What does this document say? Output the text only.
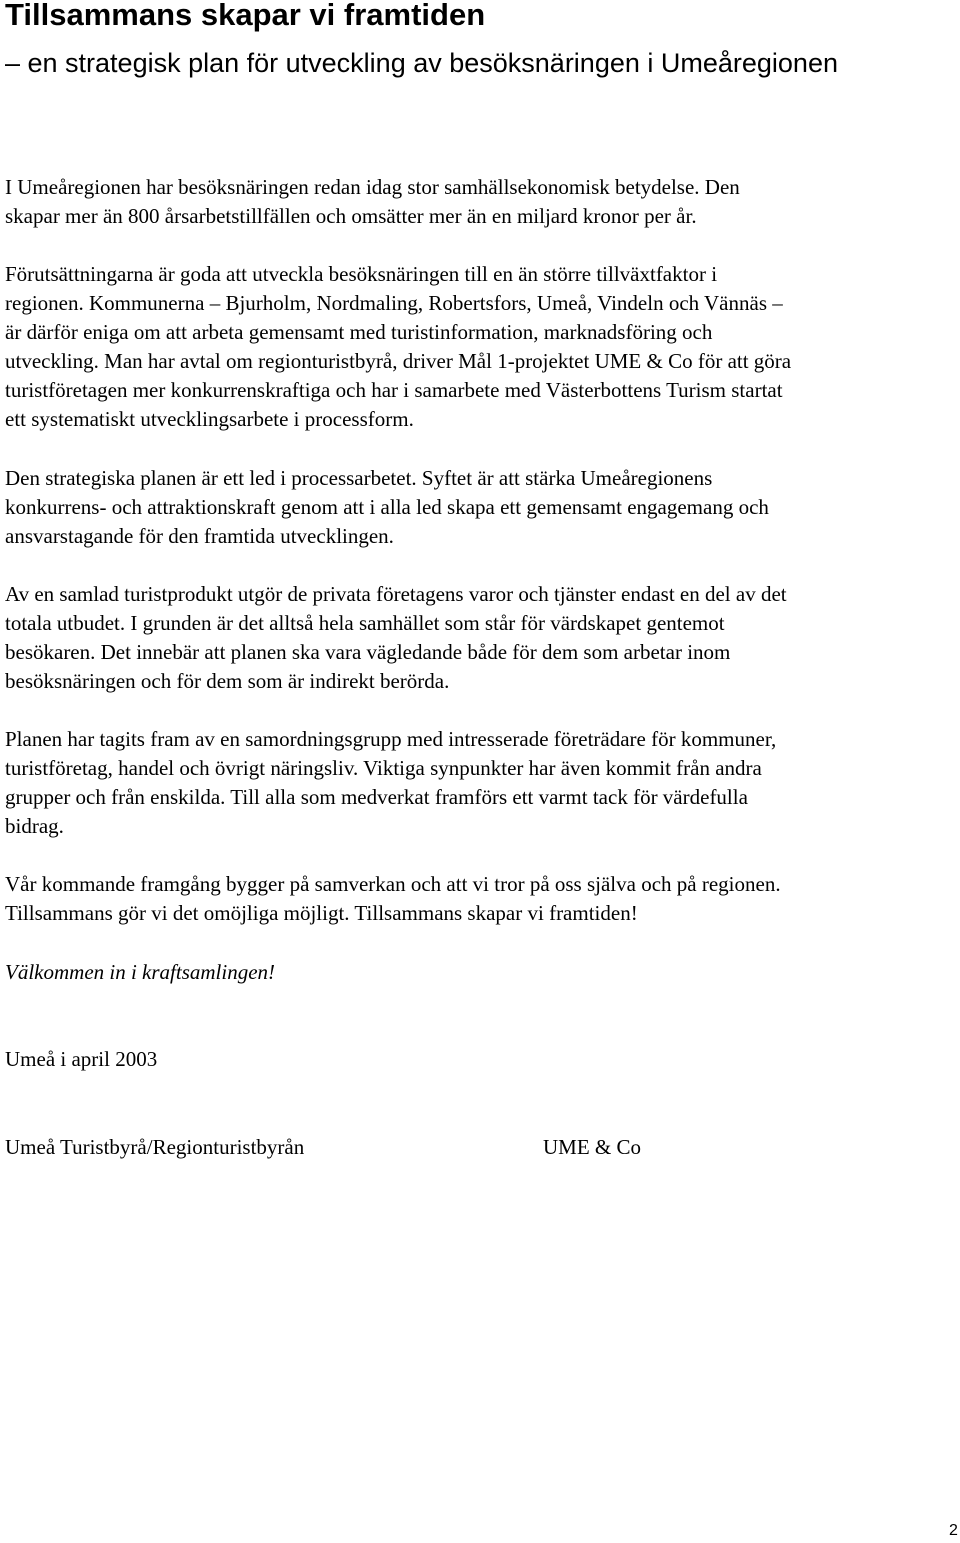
Tillsammans skapar vi framtiden
– en strategisk plan för utveckling av besöksnäringen i Umeåregionen

I Umeåregionen har besöksnäringen redan idag stor samhällsekonomisk betydelse. Den
skapar mer än 800 årsarbetstillfällen och omsätter mer än en miljard kronor per år.

Förutsättningarna är goda att utveckla besöksnäringen till en än större tillväxtfaktor i
regionen. Kommunerna – Bjurholm, Nordmaling, Robertsfors, Umeå, Vindeln och Vännäs –
är därför eniga om att arbeta gemensamt med turistinformation, marknadsföring och
utveckling. Man har avtal om regionturistbyrå, driver Mål 1-projektet UME & Co för att göra
turistföretagen mer konkurrenskraftiga och har i samarbete med Västerbottens Turism startat
ett systematiskt utvecklingsarbete i processform.

Den strategiska planen är ett led i processarbetet. Syftet är att stärka Umeåregionens
konkurrens- och attraktionskraft genom att i alla led skapa ett gemensamt engagemang och
ansvarstagande för den framtida utvecklingen.

Av en samlad turistprodukt utgör de privata företagens varor och tjänster endast en del av det
totala utbudet. I grunden är det alltså hela samhället som står för värdskapet gentemot
besökaren. Det innebär att planen ska vara vägledande både för dem som arbetar inom
besöksnäringen och för dem som är indirekt berörda.

Planen har tagits fram av en samordningsgrupp med intresserade företrädare för kommuner,
turistföretag, handel och övrigt näringsliv. Viktiga synpunkter har även kommit från andra
grupper och från enskilda. Till alla som medverkat framförs ett varmt tack för värdefulla
bidrag.

Vår kommande framgång bygger på samverkan och att vi tror på oss själva och på regionen.
Tillsammans gör vi det omöjliga möjligt. Tillsammans skapar vi framtiden!

Välkommen in i kraftsamlingen!

Umeå i april 2003

Umeå Turistbyrå/Regionturistbyrån	UME & Co

2
